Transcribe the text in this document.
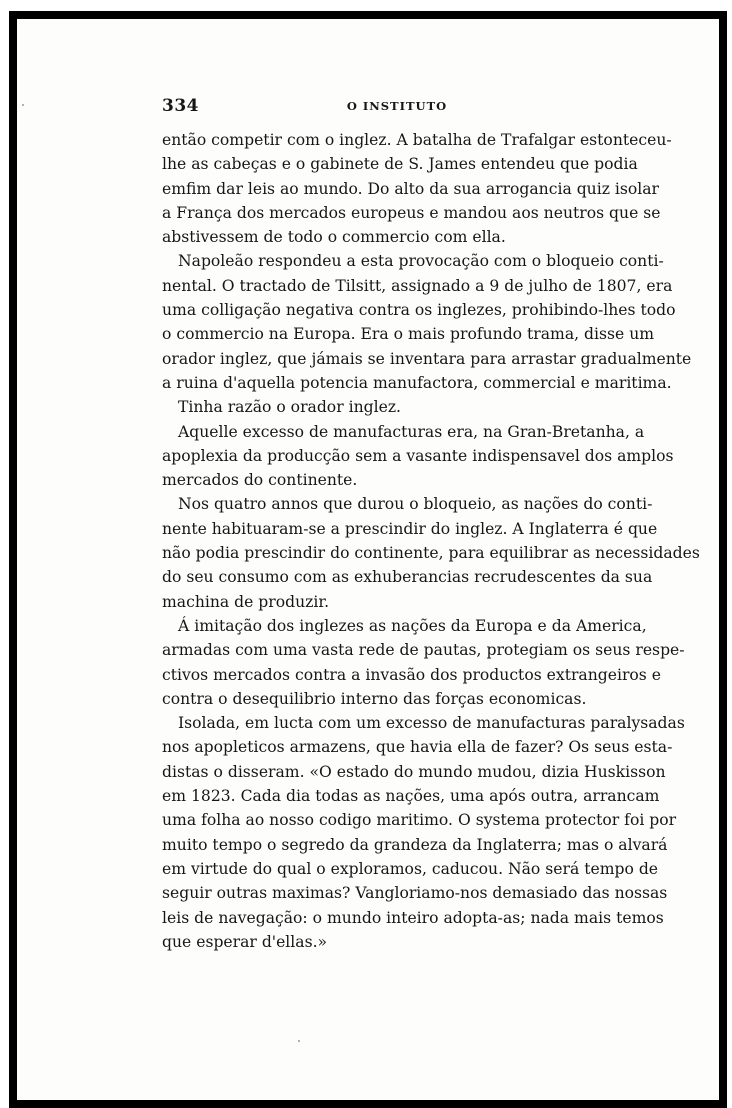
334	O INSTITUTO
então competir com o inglez. A batalha de Trafalgar estonteceu-
lhe as cabeças e o gabinete de S. James entendeu que podia
emfim dar leis ao mundo. Do alto da sua arrogancia quiz isolar
a França dos mercados europeus e mandou aos neutros que se
abstivessem de todo o commercio com ella.
Napoleão respondeu a esta provocação com o bloqueio conti-
nental. O tractado de Tilsitt, assignado a 9 de julho de 1807, era
uma colligação negativa contra os inglezes, prohibindo-lhes todo
o commercio na Europa. Era o mais profundo trama, disse um
orador inglez, que jámais se inventara para arrastar gradualmente
a ruina d'aquella potencia manufactora, commercial e maritima.
Tinha razão o orador inglez.
Aquelle excesso de manufacturas era, na Gran-Bretanha, a
apoplexia da producção sem a vasante indispensavel dos amplos
mercados do continente.
Nos quatro annos que durou o bloqueio, as nações do conti-
nente habituaram-se a prescindir do inglez. A Inglaterra é que
não podia prescindir do continente, para equilibrar as necessidades
do seu consumo com as exhuberancias recrudescentes da sua
machina de produzir.
Á imitação dos inglezes as nações da Europa e da America,
armadas com uma vasta rede de pautas, protegiam os seus respe-
ctivos mercados contra a invasão dos productos extrangeiros e
contra o desequilibrio interno das forças economicas.
Isolada, em lucta com um excesso de manufacturas paralysadas
nos apopleticos armazens, que havia ella de fazer? Os seus esta-
distas o disseram. «O estado do mundo mudou, dizia Huskisson
em 1823. Cada dia todas as nações, uma após outra, arrancam
uma folha ao nosso codigo maritimo. O systema protector foi por
muito tempo o segredo da grandeza da Inglaterra; mas o alvará
em virtude do qual o exploramos, caducou. Não será tempo de
seguir outras maximas? Vangloriamo-nos demasiado das nossas
leis de navegação: o mundo inteiro adopta-as; nada mais temos
que esperar d'ellas.»
